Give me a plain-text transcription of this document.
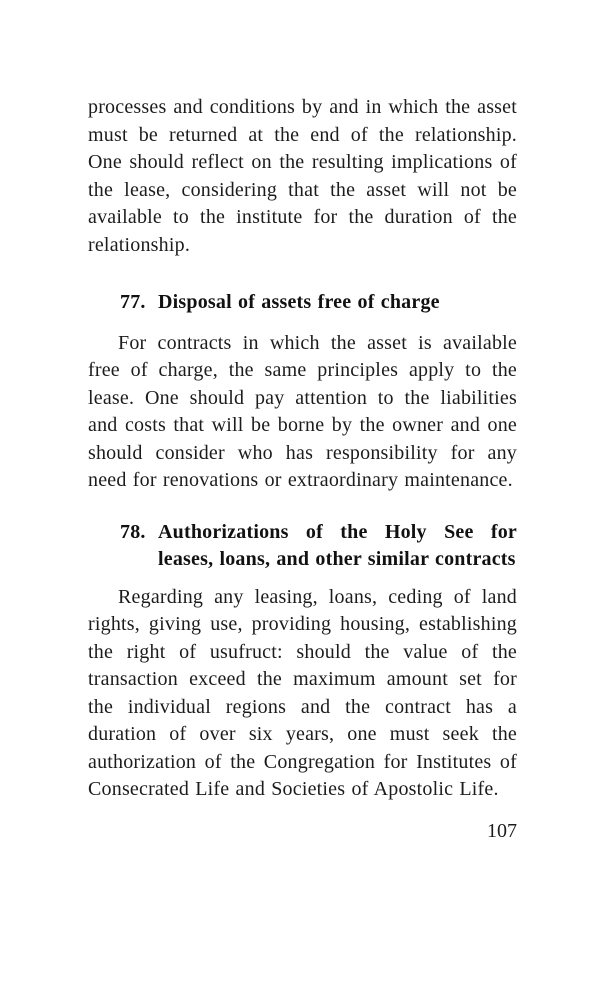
processes and conditions by and in which the asset must be returned at the end of the relationship. One should reflect on the resulting implications of the lease, considering that the asset will not be available to the institute for the duration of the relationship.

77. Disposal of assets free of charge

For contracts in which the asset is available free of charge, the same principles apply to the lease. One should pay attention to the liabilities and costs that will be borne by the owner and one should consider who has responsibility for any need for renovations or extraordinary maintenance.

78. Authorizations of the Holy See for leases, loans, and other similar contracts

Regarding any leasing, loans, ceding of land rights, giving use, providing housing, establishing the right of usufruct: should the value of the transaction exceed the maximum amount set for the individual regions and the contract has a duration of over six years, one must seek the authorization of the Congregation for Institutes of Consecrated Life and Societies of Apostolic Life.

107
